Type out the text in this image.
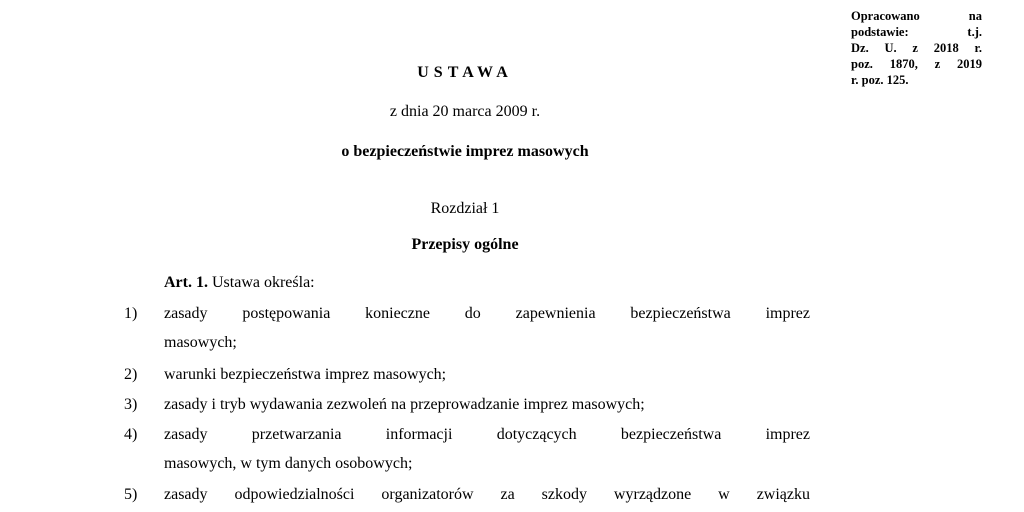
Opracowano na
podstawie: t.j.
Dz. U. z 2018 r.
poz. 1870, z 2019
r. poz. 125.
USTAWA
z dnia 20 marca 2009 r.
o bezpieczeństwie imprez masowych
Rozdział 1
Przepisy ogólne
Art. 1. Ustawa określa:
1) zasady postępowania konieczne do zapewnienia bezpieczeństwa imprez
masowych;
2) warunki bezpieczeństwa imprez masowych;
3) zasady i tryb wydawania zezwoleń na przeprowadzanie imprez masowych;
4) zasady przetwarzania informacji dotyczących bezpieczeństwa imprez
masowych, w tym danych osobowych;
5) zasady odpowiedzialności organizatorów za szkody wyrządzone w związku
